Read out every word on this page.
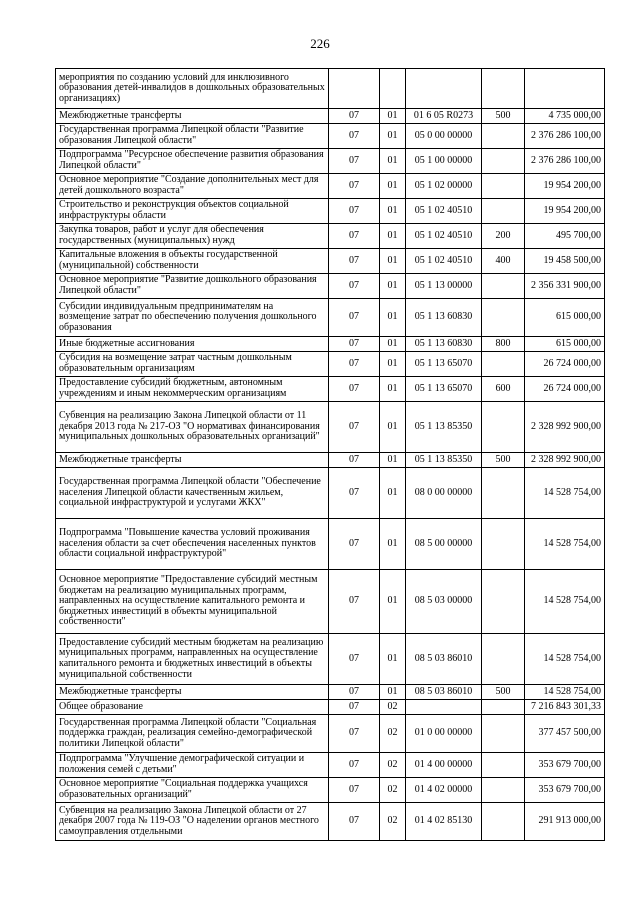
226
мероприятия по созданию условий для инклюзивного образования детей-инвалидов в дошкольных образовательных организациях)					
Межбюджетные трансферты	07	01	01 6 05 R0273	500	4 735 000,00
Государственная программа Липецкой области "Развитие образования Липецкой области"	07	01	05 0 00 00000		2 376 286 100,00
Подпрограмма "Ресурсное обеспечение развития образования Липецкой области"	07	01	05 1 00 00000		2 376 286 100,00
Основное мероприятие "Создание дополнительных мест для детей дошкольного возраста"	07	01	05 1 02 00000		19 954 200,00
Строительство и реконструкция объектов социальной инфраструктуры области	07	01	05 1 02 40510		19 954 200,00
Закупка товаров, работ и услуг для обеспечения государственных (муниципальных) нужд	07	01	05 1 02 40510	200	495 700,00
Капитальные вложения в объекты государственной (муниципальной) собственности	07	01	05 1 02 40510	400	19 458 500,00
Основное мероприятие "Развитие дошкольного образования Липецкой области"	07	01	05 1 13 00000		2 356 331 900,00
Субсидии индивидуальным предпринимателям на возмещение затрат по обеспечению получения дошкольного образования	07	01	05 1 13 60830		615 000,00
Иные бюджетные ассигнования	07	01	05 1 13 60830	800	615 000,00
Субсидия на возмещение затрат частным дошкольным образовательным организациям	07	01	05 1 13 65070		26 724 000,00
Предоставление субсидий бюджетным, автономным учреждениям и иным некоммерческим организациям	07	01	05 1 13 65070	600	26 724 000,00
Субвенция на реализацию Закона Липецкой области от 11 декабря 2013 года № 217-ОЗ "О нормативах финансирования муниципальных дошкольных образовательных организаций"	07	01	05 1 13 85350		2 328 992 900,00
Межбюджетные трансферты	07	01	05 1 13 85350	500	2 328 992 900,00
Государственная программа Липецкой области "Обеспечение населения Липецкой области качественным жильем, социальной инфраструктурой и услугами ЖКХ"	07	01	08 0 00 00000		14 528 754,00
Подпрограмма "Повышение качества условий проживания населения области за счет обеспечения населенных пунктов области социальной инфраструктурой"	07	01	08 5 00 00000		14 528 754,00
Основное мероприятие "Предоставление субсидий местным бюджетам на реализацию муниципальных программ, направленных на осуществление капитального ремонта и бюджетных инвестиций в объекты муниципальной собственности"	07	01	08 5 03 00000		14 528 754,00
Предоставление субсидий местным бюджетам на реализацию муниципальных программ, направленных на осуществление капитального ремонта и бюджетных инвестиций в объекты муниципальной собственности	07	01	08 5 03 86010		14 528 754,00
Межбюджетные трансферты	07	01	08 5 03 86010	500	14 528 754,00
Общее образование	07	02			7 216 843 301,33
Государственная программа Липецкой области "Социальная поддержка граждан, реализация семейно-демографической политики Липецкой области"	07	02	01 0 00 00000		377 457 500,00
Подпрограмма "Улучшение демографической ситуации и положения семей с детьми"	07	02	01 4 00 00000		353 679 700,00
Основное мероприятие "Социальная поддержка учащихся образовательных организаций"	07	02	01 4 02 00000		353 679 700,00
Субвенция на реализацию Закона Липецкой области от 27 декабря 2007 года № 119-ОЗ "О наделении органов местного самоуправления отдельными	07	02	01 4 02 85130		291 913 000,00
